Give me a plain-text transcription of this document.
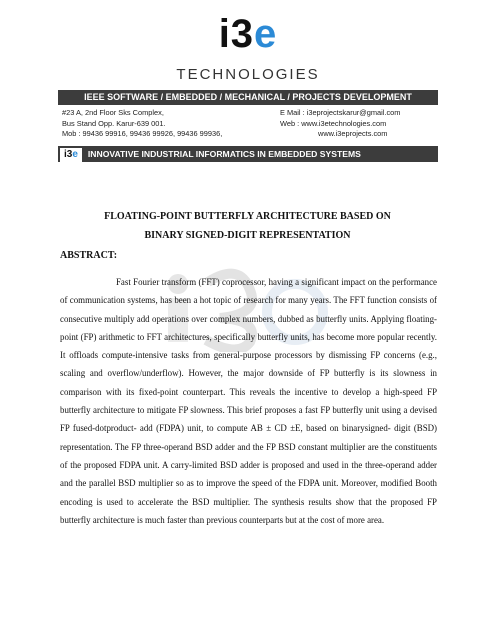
i3e
TECHNOLOGIES
IEEE SOFTWARE / EMBEDDED / MECHANICAL / PROJECTS DEVELOPMENT
#23 A, 2nd Floor Sks Complex,
Bus Stand Opp. Karur-639 001.
Mob : 99436 99916, 99436 99926, 99436 99936,
E Mail : i3eprojectskarur@gmail.com
Web : www.i3etechnologies.com
www.i3eprojects.com
i3e INNOVATIVE INDUSTRIAL INFORMATICS IN EMBEDDED SYSTEMS
FLOATING-POINT BUTTERFLY ARCHITECTURE BASED ON
BINARY SIGNED-DIGIT REPRESENTATION
ABSTRACT:

Fast Fourier transform (FFT) coprocessor, having a significant impact on the performance of communication systems, has been a hot topic of research for many years. The FFT function consists of consecutive multiply add operations over complex numbers, dubbed as butterfly units. Applying floating-point (FP) arithmetic to FFT architectures, specifically butterfly units, has become more popular recently. It offloads compute-intensive tasks from general-purpose processors by dismissing FP concerns (e.g., scaling and overflow/underflow). However, the major downside of FP butterfly is its slowness in comparison with its fixed-point counterpart. This reveals the incentive to develop a high-speed FP butterfly architecture to mitigate FP slowness. This brief proposes a fast FP butterfly unit using a devised FP fused-dotproduct- add (FDPA) unit, to compute AB ± CD ±E, based on binarysigned- digit (BSD) representation. The FP three-operand BSD adder and the FP BSD constant multiplier are the constituents of the proposed FDPA unit. A carry-limited BSD adder is proposed and used in the three-operand adder and the parallel BSD multiplier so as to improve the speed of the FDPA unit. Moreover, modified Booth encoding is used to accelerate the BSD multiplier. The synthesis results show that the proposed FP butterfly architecture is much faster than previous counterparts but at the cost of more area.
